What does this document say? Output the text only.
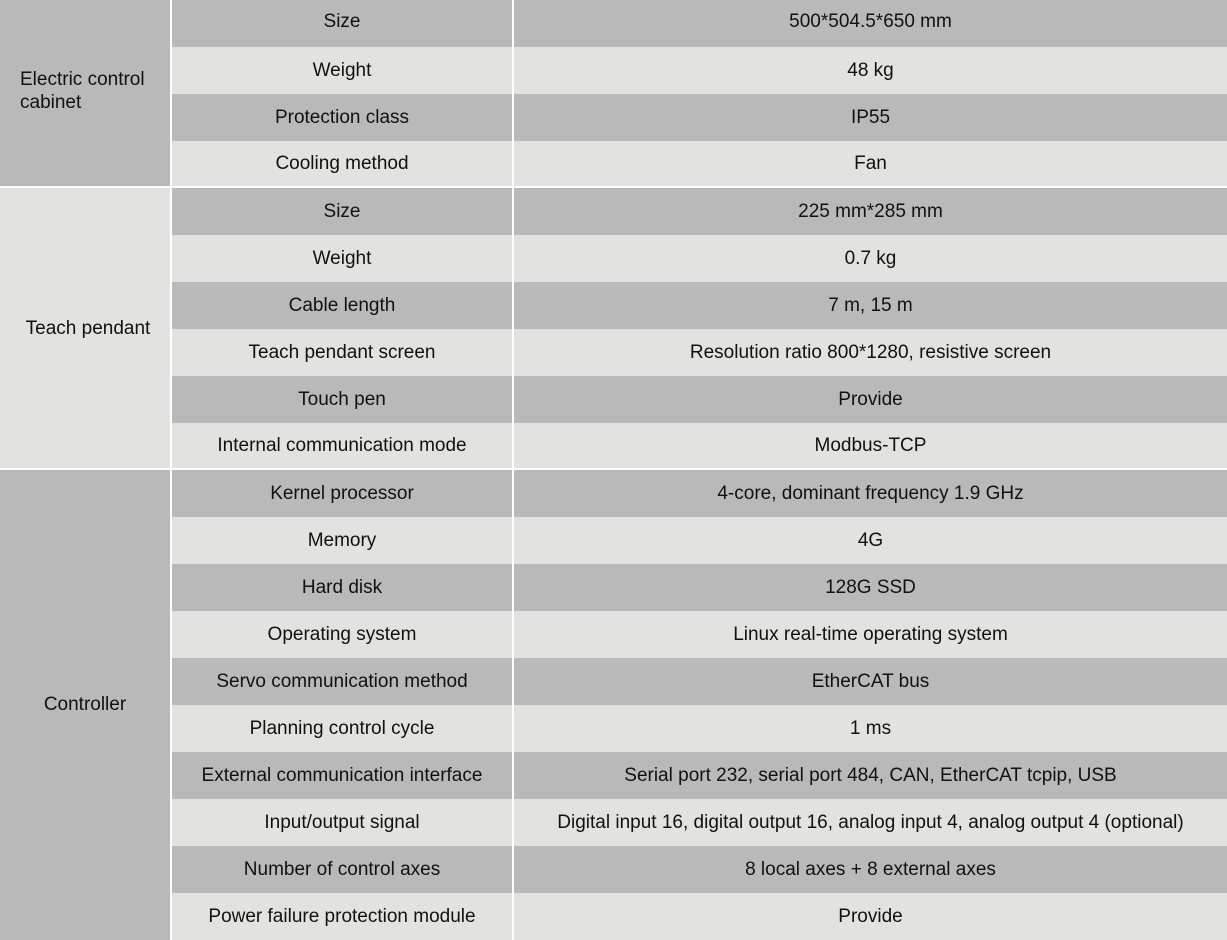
Electric control cabinet
Size	500*504.5*650 mm
Weight	48 kg
Protection class	IP55
Cooling method	Fan
Teach pendant
Size	225 mm*285 mm
Weight	0.7 kg
Cable length	7 m, 15 m
Teach pendant screen	Resolution ratio 800*1280, resistive screen
Touch pen	Provide
Internal communication mode	Modbus-TCP
Controller
Kernel processor	4-core, dominant frequency 1.9 GHz
Memory	4G
Hard disk	128G SSD
Operating system	Linux real-time operating system
Servo communication method	EtherCAT bus
Planning control cycle	1 ms
External communication interface	Serial port 232, serial port 484, CAN, EtherCAT tcpip, USB
Input/output signal	Digital input 16, digital output 16, analog input 4, analog output 4 (optional)
Number of control axes	8 local axes + 8 external axes
Power failure protection module	Provide
